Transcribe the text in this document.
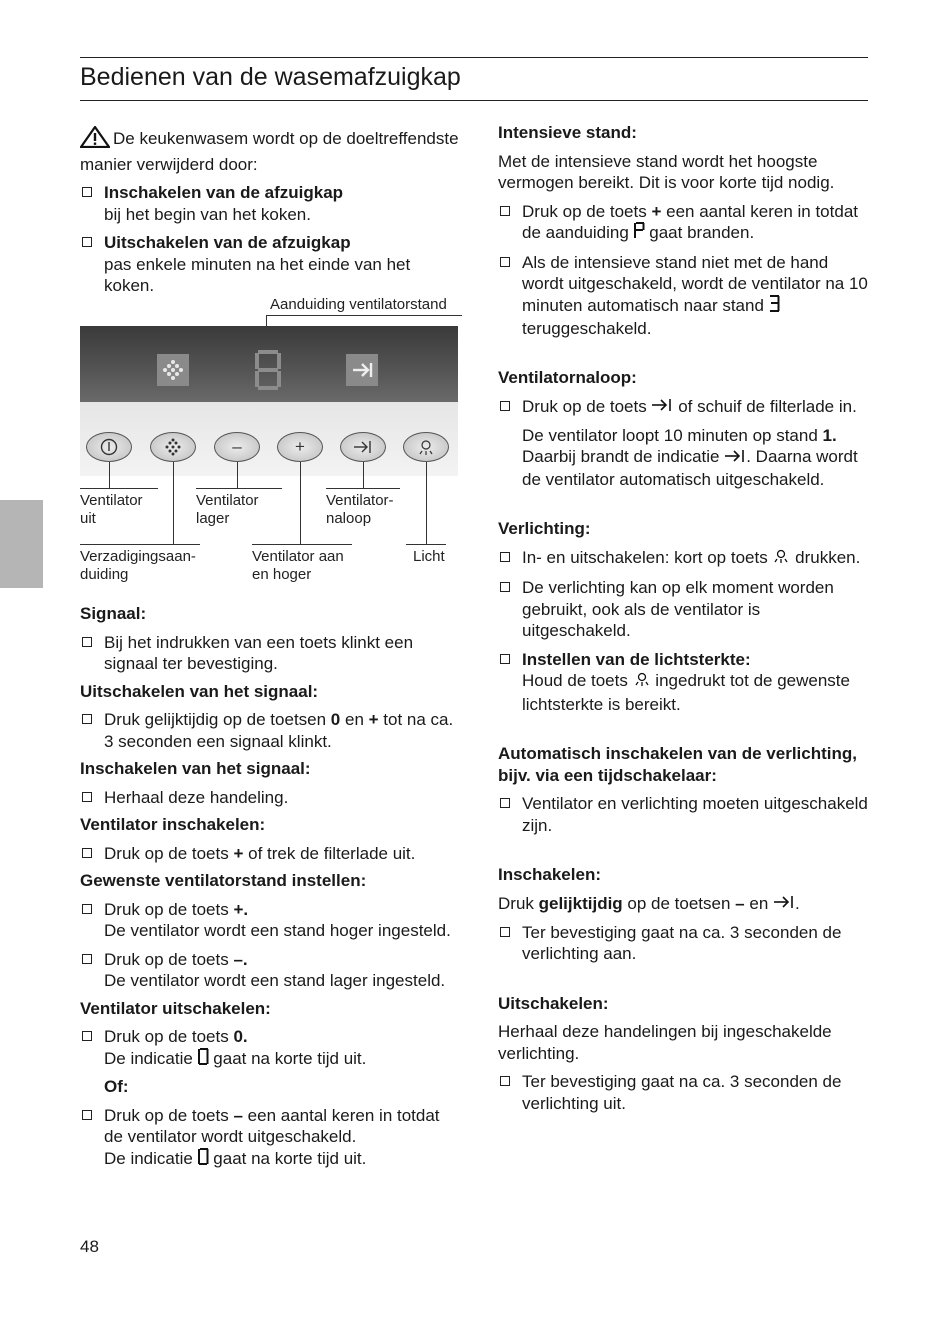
Bedienen van de wasemafzuigkap

De keukenwasem wordt op de doeltreffendste manier verwijderd door:

Inschakelen van de afzuigkap
bij het begin van het koken.

Uitschakelen van de afzuigkap
pas enkele minuten na het einde van het koken.

Aanduiding ventilatorstand
–	+
Ventilator uit
Ventilator lager
Ventilator-naloop
Verzadigingsaan-duiding
Ventilator aan en hoger
Licht

Signaal:

Bij het indrukken van een toets klinkt een signaal ter bevestiging.

Uitschakelen van het signaal:

Druk gelijktijdig op de toetsen 0 en + tot na ca. 3 seconden een signaal klinkt.

Inschakelen van het signaal:

Herhaal deze handeling.

Ventilator inschakelen:

Druk op de toets + of trek de filterlade uit.

Gewenste ventilatorstand instellen:

Druk op de toets +.
De ventilator wordt een stand hoger ingesteld.

Druk op de toets –.
De ventilator wordt een stand lager ingesteld.

Ventilator uitschakelen:

Druk op de toets 0.
De indicatie  gaat na korte tijd uit.

Of:

Druk op de toets – een aantal keren in totdat de ventilator wordt uitgeschakeld.
De indicatie  gaat na korte tijd uit.

48

Intensieve stand:

Met de intensieve stand wordt het hoogste vermogen bereikt. Dit is voor korte tijd nodig.

Druk op de toets + een aantal keren in totdat de aanduiding  gaat branden.

Als de intensieve stand niet met de hand wordt uitgeschakeld, wordt de ventilator na 10 minuten automatisch naar stand  teruggeschakeld.

Ventilatornaloop:

Druk op de toets  of schuif de filterlade in.

De ventilator loopt 10 minuten op stand 1. Daarbij brandt de indicatie . Daarna wordt de ventilator automatisch uitgeschakeld.

Verlichting:

In- en uitschakelen: kort op toets  drukken.

De verlichting kan op elk moment worden gebruikt, ook als de ventilator is uitgeschakeld.

Instellen van de lichtsterkte:
Houd de toets  ingedrukt tot de gewenste lichtsterkte is bereikt.

Automatisch inschakelen van de verlichting, bijv. via een tijdschakelaar:

Ventilator en verlichting moeten uitgeschakeld zijn.

Inschakelen:

Druk gelijktijdig op de toetsen – en .

Ter bevestiging gaat na ca. 3 seconden de verlichting aan.

Uitschakelen:

Herhaal deze handelingen bij ingeschakelde verlichting.

Ter bevestiging gaat na ca. 3 seconden de verlichting uit.
